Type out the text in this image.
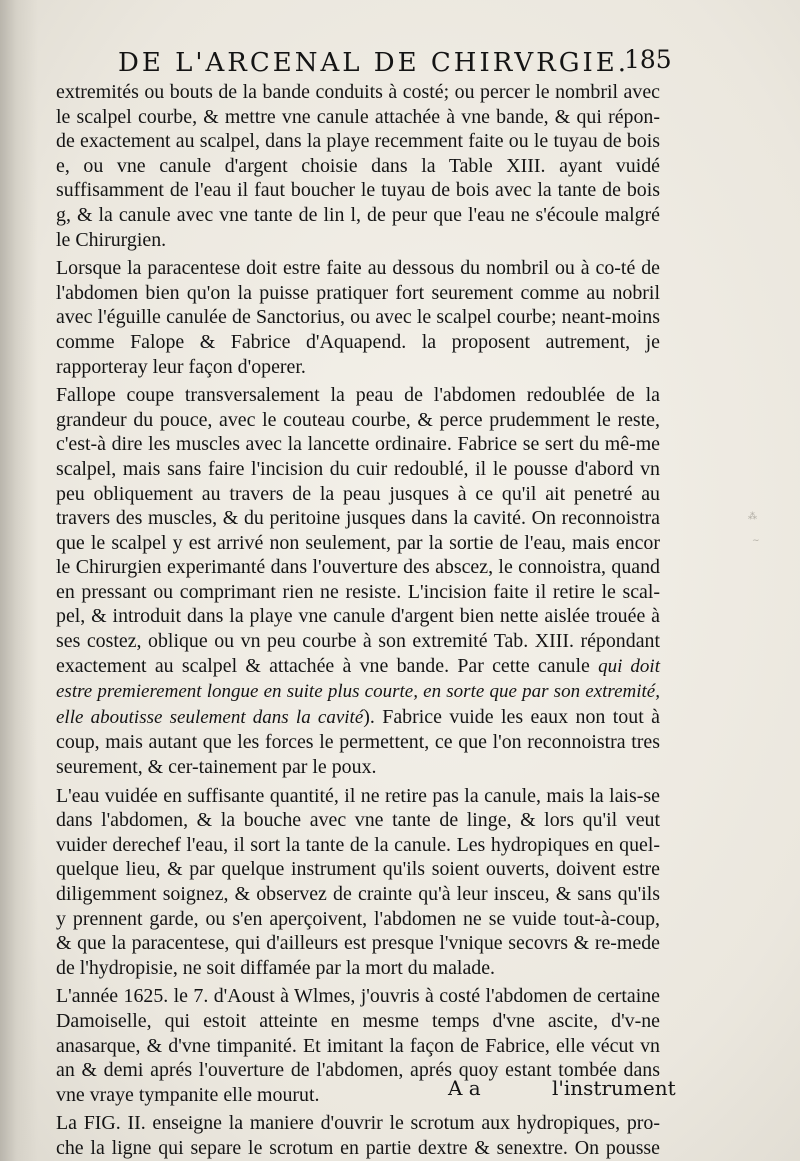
⁂
∼
DE L'ARCENAL DE CHIRVRGIE.
185

extremités ou bouts de la bande conduits à costé; ou percer le nombril avec le scalpel courbe, & mettre vne canule attachée à vne bande, & qui répon-de exactement au scalpel, dans la playe recemment faite ou le tuyau de bois e, ou vne canule d'argent choisie dans la Table XIII. ayant vuidé suffisamment de l'eau il faut boucher le tuyau de bois avec la tante de bois g, & la canule avec vne tante de lin l, de peur que l'eau ne s'écoule malgré le Chirurgien.

Lorsque la paracentese doit estre faite au dessous du nombril ou à co-té de l'abdomen bien qu'on la puisse pratiquer fort seurement comme au nobril avec l'éguille canulée de Sanctorius, ou avec le scalpel courbe; neant-moins comme Falope & Fabrice d'Aquapend. la proposent autrement, je rapporteray leur façon d'operer.

Fallope coupe transversalement la peau de l'abdomen redoublée de la grandeur du pouce, avec le couteau courbe, & perce prudemment le reste, c'est-à dire les muscles avec la lancette ordinaire. Fabrice se sert du mê-me scalpel, mais sans faire l'incision du cuir redoublé, il le pousse d'abord vn peu obliquement au travers de la peau jusques à ce qu'il ait penetré au travers des muscles, & du peritoine jusques dans la cavité. On reconnoistra que le scalpel y est arrivé non seulement, par la sortie de l'eau, mais encor le Chirurgien experimanté dans l'ouverture des abscez, le connoistra, quand en pressant ou comprimant rien ne resiste. L'incision faite il retire le scal-pel, & introduit dans la playe vne canule d'argent bien nette aislée trouée à ses costez, oblique ou vn peu courbe à son extremité Tab. XIII. répondant exactement au scalpel & attachée à vne bande. Par cette canule qui doit estre premierement longue en suite plus courte, en sorte que par son extremité, elle aboutisse seulement dans la cavité). Fabrice vuide les eaux non tout à coup, mais autant que les forces le permettent, ce que l'on reconnoistra tres seurement, & cer-tainement par le poux.

L'eau vuidée en suffisante quantité, il ne retire pas la canule, mais la lais-se dans l'abdomen, & la bouche avec vne tante de linge, & lors qu'il veut vuider derechef l'eau, il sort la tante de la canule. Les hydropiques en quel-quelque lieu, & par quelque instrument qu'ils soient ouverts, doivent estre diligemment soignez, & observez de crainte qu'à leur insceu, & sans qu'ils y prennent garde, ou s'en aperçoivent, l'abdomen ne se vuide tout-à-coup, & que la paracentese, qui d'ailleurs est presque l'vnique secovrs & re-mede de l'hydropisie, ne soit diffamée par la mort du malade.

L'année 1625. le 7. d'Aoust à Wlmes, j'ouvris à costé l'abdomen de certaine Damoiselle, qui estoit atteinte en mesme temps d'vne ascite, d'v-ne anasarque, & d'vne timpanité. Et imitant la façon de Fabrice, elle vécut vn an & demi aprés l'ouverture de l'abdomen, aprés quoy estant tombée dans vne vraye tympanite elle mourut.

La FIG. II. enseigne la maniere d'ouvrir le scrotum aux hydropiques, pro-che la ligne qui separe le scrotum en partie dextre & senextre. On pousse

A a	l'instrument
